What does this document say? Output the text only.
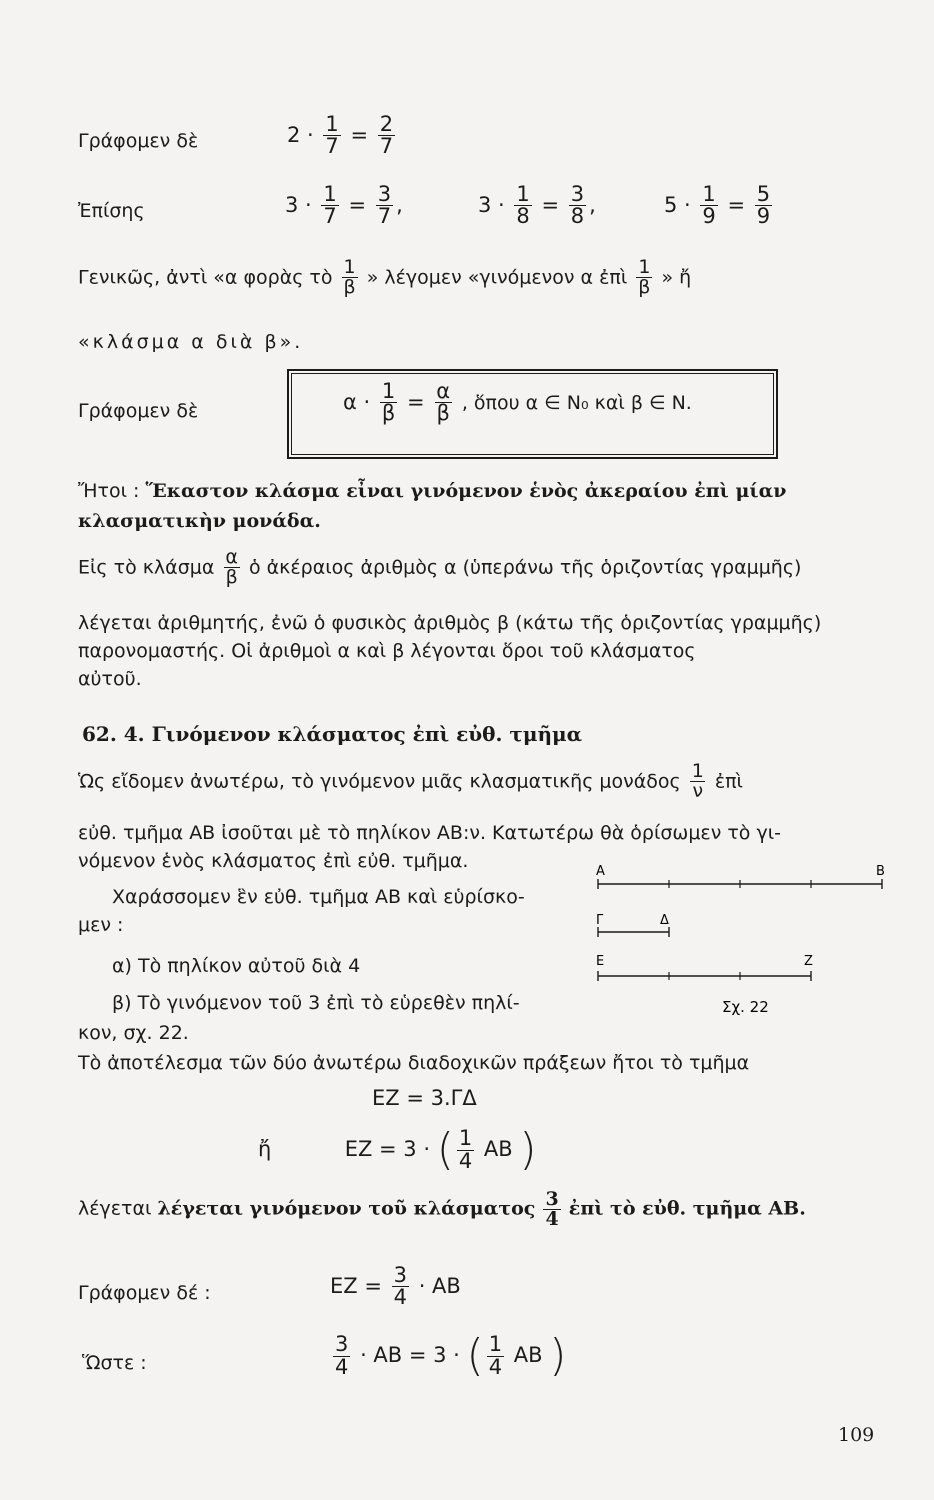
Γράφομεν δὲ	$2 \cdot \frac{1}{7} = \frac{2}{7}$
Ἐπίσης	$3 \cdot \frac{1}{7} = \frac{3}{7}$ ,	$3 \cdot \frac{1}{8} = \frac{3}{8}$ ,	$5 \cdot \frac{1}{9} = \frac{5}{9}$
Γενικῶς, ἀντὶ «α φορὰς τὸ $\frac{1}{\beta}$ » λέγομεν «γινόμενον α ἐπὶ $\frac{1}{\beta}$ » ἤ
«κλάσμα α διὰ β».
Γράφομεν δὲ	$\alpha \cdot \frac{1}{\beta} = \frac{\alpha}{\beta}$ , ὅπου α ∈ N₀ καὶ β ∈ N.
Ἤτοι : Ἕκαστον κλάσμα εἶναι γινόμενον ἑνὸς ἀκεραίου ἐπὶ μίαν
κλασματικὴν μονάδα.
Εἰς τὸ κλάσμα $\frac{\alpha}{\beta}$ ὁ ἀκέραιος ἀριθμὸς α (ὑπεράνω τῆς ὁριζοντίας γραμμῆς)
λέγεται ἀριθμητής, ἐνῶ ὁ φυσικὸς ἀριθμὸς β (κάτω τῆς ὁριζοντίας γραμμῆς)
παρονομαστής. Οἱ ἀριθμοὶ α καὶ β λέγονται ὅροι τοῦ κλάσματος
αὐτοῦ.
62. 4. Γινόμενον κλάσματος ἐπὶ εὐθ. τμῆμα
Ὡς εἴδομεν ἀνωτέρω, τὸ γινόμενον μιᾶς κλασματικῆς μονάδος $\frac{1}{\nu}$ ἐπὶ
εὐθ. τμῆμα AB ἰσοῦται μὲ τὸ πηλίκον AB:ν. Κατωτέρω θὰ ὁρίσωμεν τὸ γι-
νόμενον ἑνὸς κλάσματος ἐπὶ εὐθ. τμῆμα.
Χαράσσομεν ἓν εὐθ. τμῆμα AB καὶ εὑρίσκο-
μεν :
α) Τὸ πηλίκον αὐτοῦ διὰ 4
β) Τὸ γινόμενον τοῦ 3 ἐπὶ τὸ εὑρεθὲν πηλί-
κον, σχ. 22.
A	B
Γ	Δ
E	Z
Σχ. 22
Τὸ ἀποτέλεσμα τῶν δύο ἀνωτέρω διαδοχικῶν πράξεων ἤτοι τὸ τμῆμα
EZ = 3.ΓΔ
ἤ	EZ = 3 · ( $\frac{1}{4}$ AB )
λέγεται λέγεται γινόμενον τοῦ κλάσματος $\frac{3}{4}$ ἐπὶ τὸ εὐθ. τμῆμα AB.
Γράφομεν δέ :	EZ = $\frac{3}{4}$ · AB
Ὥστε :	$\frac{3}{4}$ · AB = 3 · ( $\frac{1}{4}$ AB )
109
